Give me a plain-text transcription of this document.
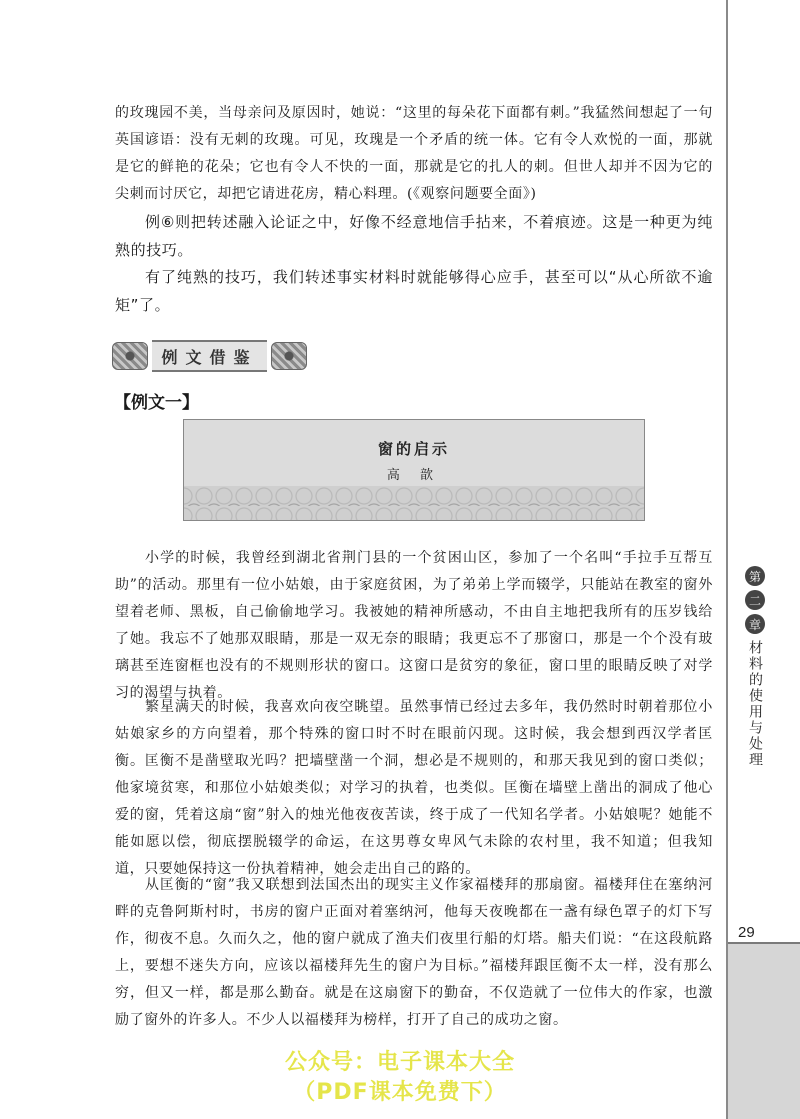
第
二
章
材料的使用与处理
29

的玫瑰园不美，当母亲问及原因时，她说：“这里的每朵花下面都有刺。”我猛然间想起了一句英国谚语：没有无刺的玫瑰。可见，玫瑰是一个矛盾的统一体。它有令人欢悦的一面，那就是它的鲜艳的花朵；它也有令人不快的一面，那就是它的扎人的刺。但世人却并不因为它的尖刺而讨厌它，却把它请进花房，精心料理。(《观察问题要全面》)

例⑥则把转述融入论证之中，好像不经意地信手拈来，不着痕迹。这是一种更为纯熟的技巧。

有了纯熟的技巧，我们转述事实材料时就能够得心应手，甚至可以“从心所欲不逾矩”了。

例文借鉴
【例文一】
窗的启示
高 歆

小学的时候，我曾经到湖北省荆门县的一个贫困山区，参加了一个名叫“手拉手互帮互助”的活动。那里有一位小姑娘，由于家庭贫困，为了弟弟上学而辍学，只能站在教室的窗外望着老师、黑板，自己偷偷地学习。我被她的精神所感动，不由自主地把我所有的压岁钱给了她。我忘不了她那双眼睛，那是一双无奈的眼睛；我更忘不了那窗口，那是一个个没有玻璃甚至连窗框也没有的不规则形状的窗口。这窗口是贫穷的象征，窗口里的眼睛反映了对学习的渴望与执着。

繁星满天的时候，我喜欢向夜空眺望。虽然事情已经过去多年，我仍然时时朝着那位小姑娘家乡的方向望着，那个特殊的窗口时不时在眼前闪现。这时候，我会想到西汉学者匡衡。匡衡不是凿壁取光吗？把墙壁凿一个洞，想必是不规则的，和那天我见到的窗口类似；他家境贫寒，和那位小姑娘类似；对学习的执着，也类似。匡衡在墙壁上凿出的洞成了他心爱的窗，凭着这扇“窗”射入的烛光他夜夜苦读，终于成了一代知名学者。小姑娘呢？她能不能如愿以偿，彻底摆脱辍学的命运，在这男尊女卑风气未除的农村里，我不知道；但我知道，只要她保持这一份执着精神，她会走出自己的路的。

从匡衡的“窗”我又联想到法国杰出的现实主义作家福楼拜的那扇窗。福楼拜住在塞纳河畔的克鲁阿斯村时，书房的窗户正面对着塞纳河，他每天夜晚都在一盏有绿色罩子的灯下写作，彻夜不息。久而久之，他的窗户就成了渔夫们夜里行船的灯塔。船夫们说：“在这段航路上，要想不迷失方向，应该以福楼拜先生的窗户为目标。”福楼拜跟匡衡不太一样，没有那么穷，但又一样，都是那么勤奋。就是在这扇窗下的勤奋，不仅造就了一位伟大的作家，也激励了窗外的许多人。不少人以福楼拜为榜样，打开了自己的成功之窗。

公众号：电子课本大全
（PDF课本免费下）
